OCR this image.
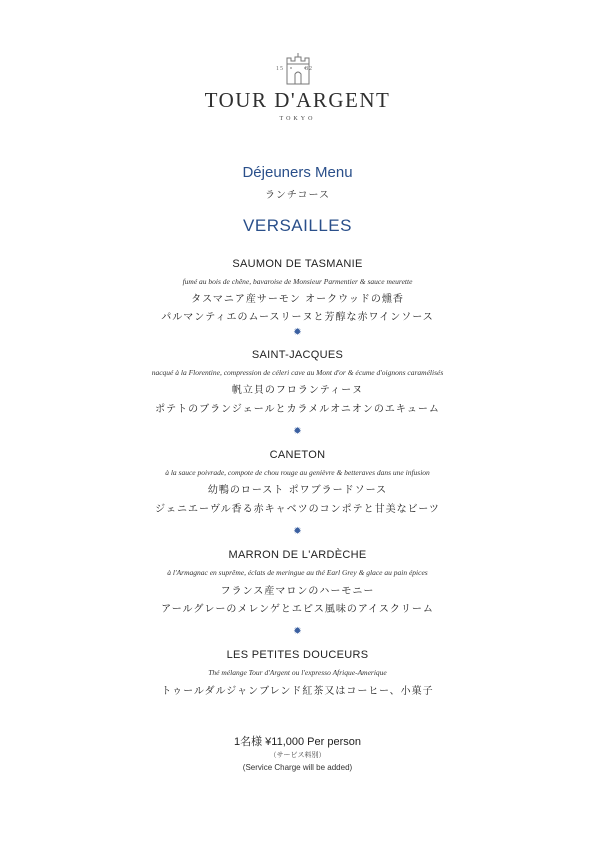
15	82
TOUR D'ARGENT
TOKYO
Déjeuners Menu
ランチコース
VERSAILLES
SAUMON DE TASMANIE
fumé au bois de chêne, bavaroise de Monsieur Parmentier & sauce meurette
タスマニア産サーモン オークウッドの燻香
パルマンティエのムースリーヌと芳醇な赤ワインソース
✹
SAINT-JACQUES
nacqué à la Florentine, compression de céleri cave au Mont d'or & écume d'oignons caramélisés
帆立貝のフロランティーヌ
ポテトのブランジェールとカラメルオニオンのエキューム
✹
CANETON
à la sauce poivrade, compote de chou rouge au genièvre & betteraves dans une infusion
幼鴨のロースト ポワブラードソース
ジェニエーヴル香る赤キャベツのコンポテと甘美なビーツ
✹
MARRON DE L'ARDÈCHE
à l'Armagnac en suprême, éclats de meringue au thé Earl Grey & glace au pain épices
フランス産マロンのハーモニー
アールグレーのメレンゲとエピス風味のアイスクリーム
✹
LES PETITES DOUCEURS
Thé mélange Tour d'Argent ou l'expresso Afrique-Amerique
トゥールダルジャンブレンド紅茶又はコーヒー、小菓子
1名様 ¥11,000 Per person
（サービス料別）
(Service Charge will be added)
